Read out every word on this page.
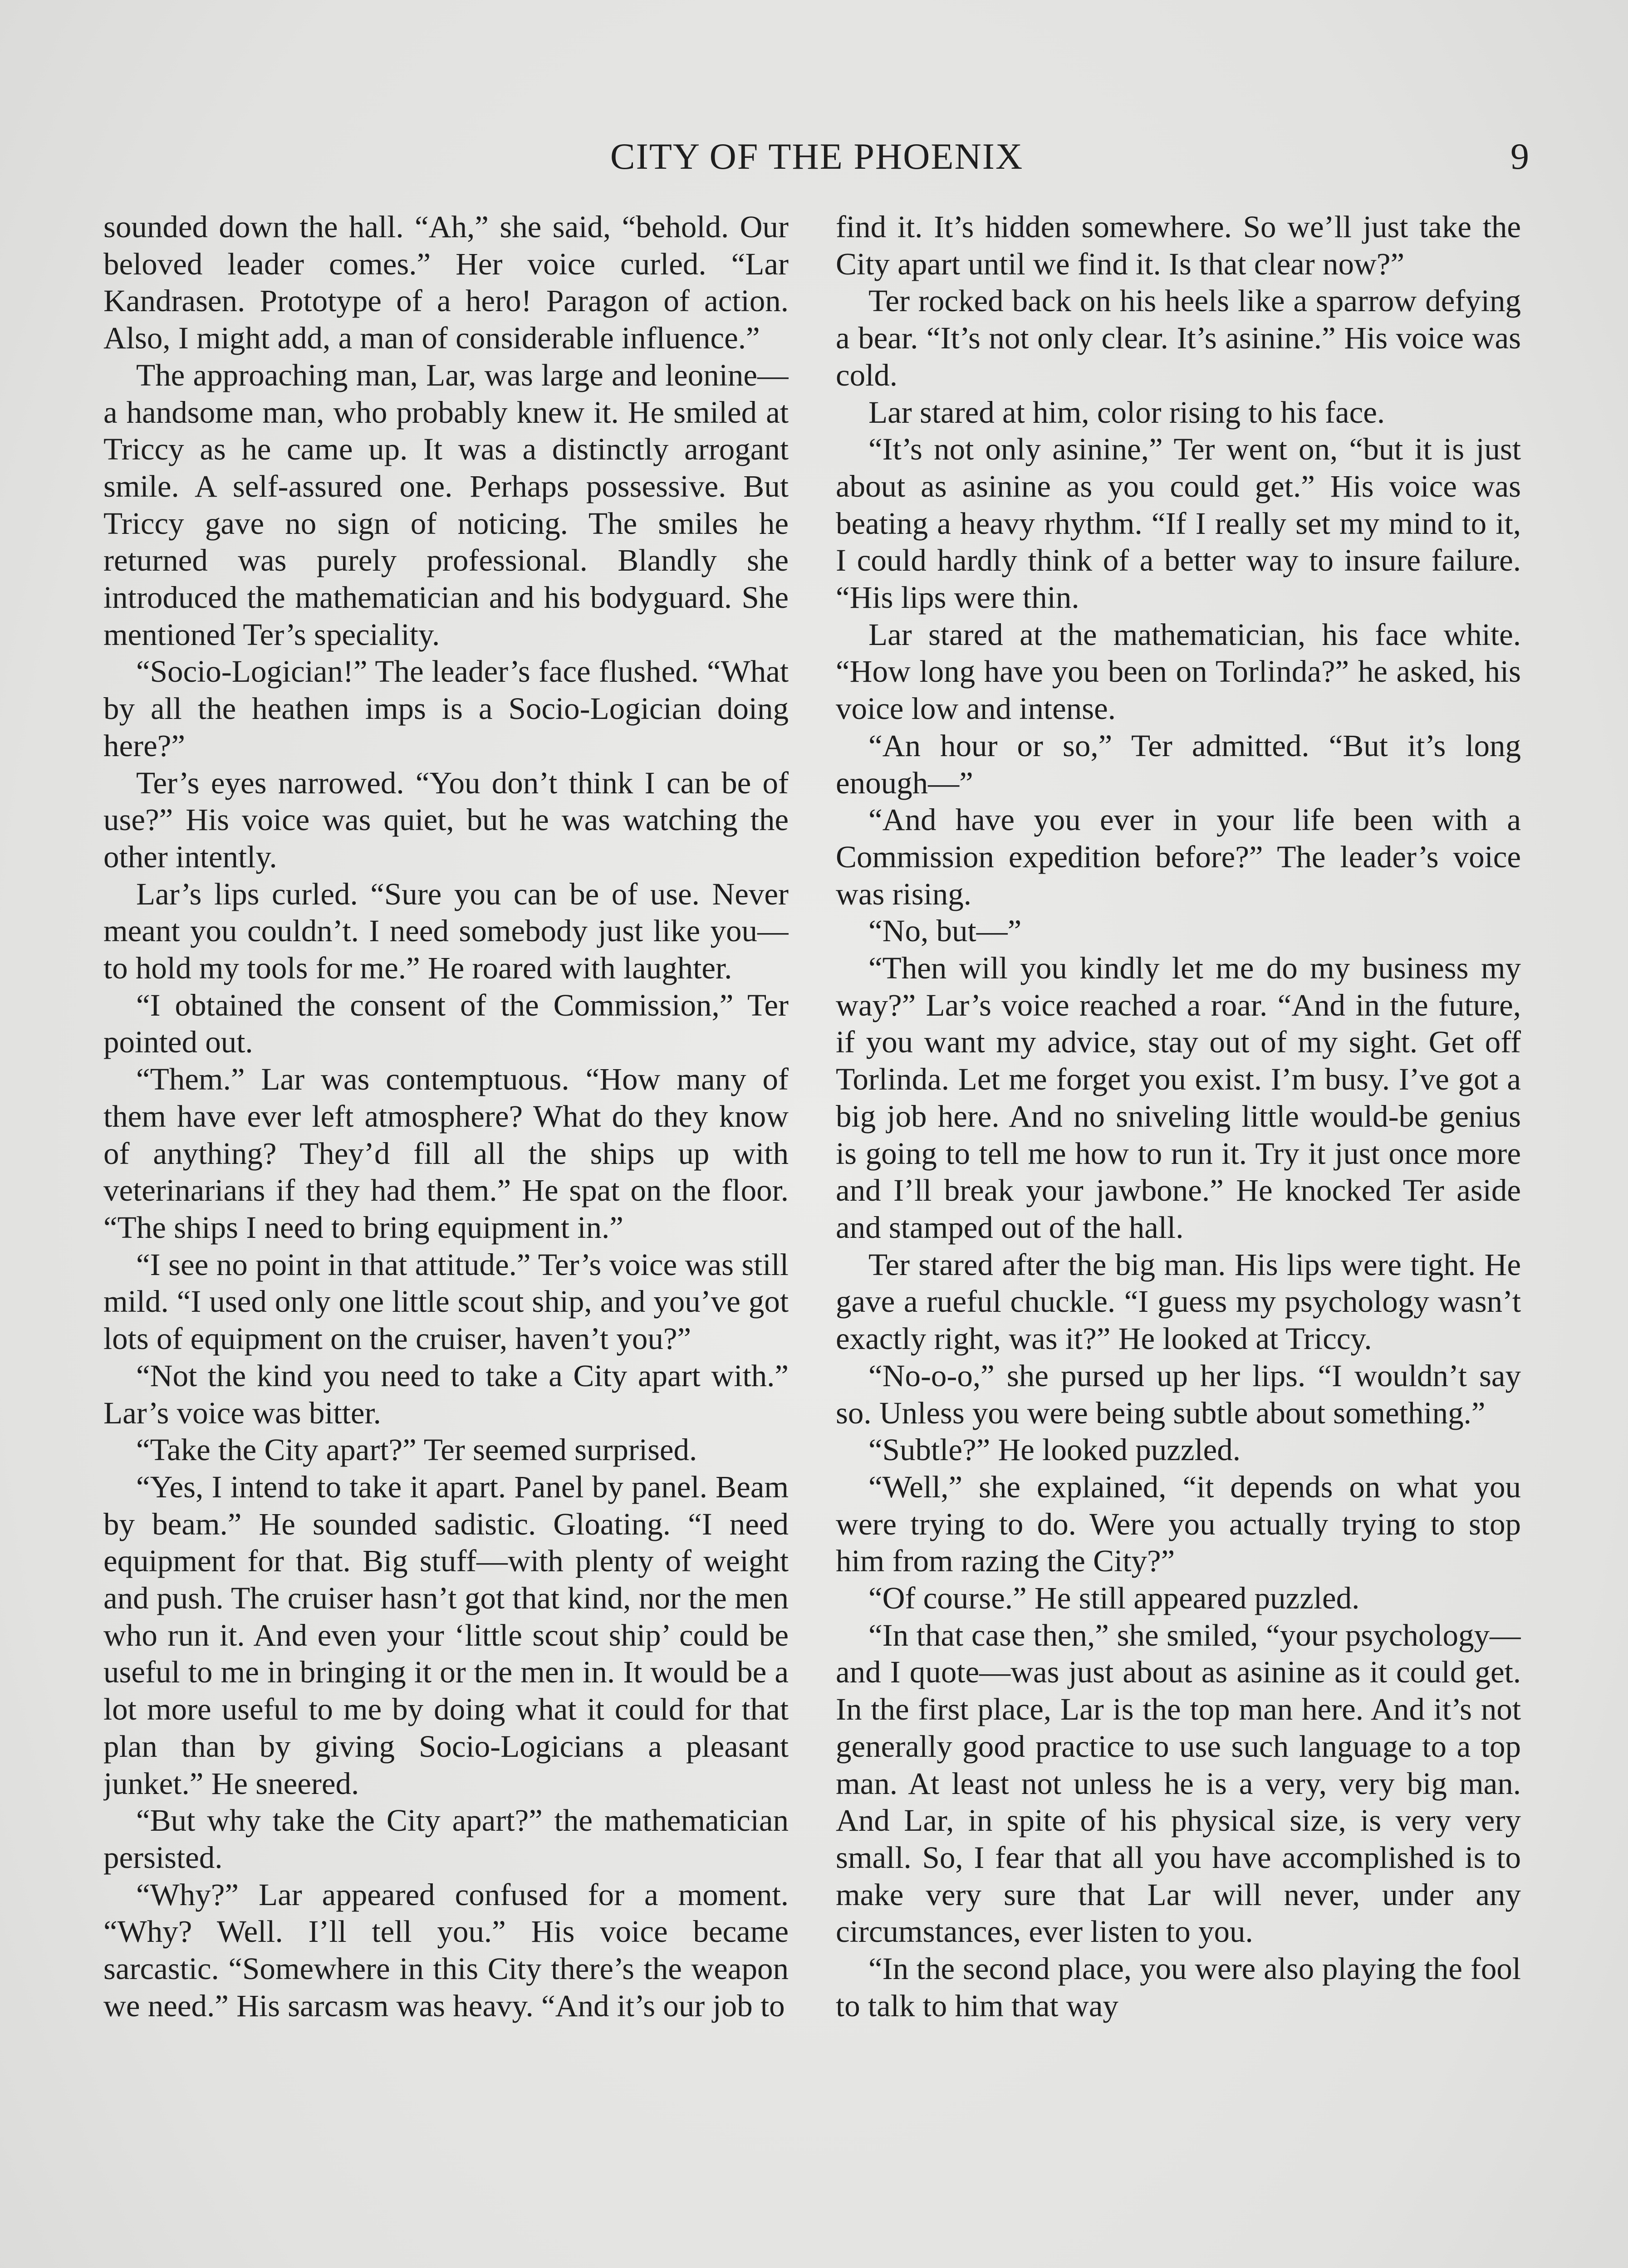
CITY OF THE PHOENIX	9

sounded down the hall. “Ah,” she said, “behold. Our beloved leader comes.” Her voice curled. “Lar Kandrasen. Prototype of a hero! Paragon of action. Also, I might add, a man of considerable influence.”

The approaching man, Lar, was large and leonine—a handsome man, who probably knew it. He smiled at Triccy as he came up. It was a distinctly arrogant smile. A self-assured one. Perhaps possessive. But Triccy gave no sign of noticing. The smiles he returned was purely professional. Blandly she introduced the mathematician and his bodyguard. She mentioned Ter’s speciality.

“Socio-Logician!” The leader’s face flushed. “What by all the heathen imps is a Socio-Logician doing here?”

Ter’s eyes narrowed. “You don’t think I can be of use?” His voice was quiet, but he was watching the other intently.

Lar’s lips curled. “Sure you can be of use. Never meant you couldn’t. I need somebody just like you—to hold my tools for me.” He roared with laughter.

“I obtained the consent of the Commission,” Ter pointed out.

“Them.” Lar was contemptuous. “How many of them have ever left atmosphere? What do they know of anything? They’d fill all the ships up with veterinarians if they had them.” He spat on the floor. “The ships I need to bring equipment in.”

“I see no point in that attitude.” Ter’s voice was still mild. “I used only one little scout ship, and you’ve got lots of equipment on the cruiser, haven’t you?”

“Not the kind you need to take a City apart with.” Lar’s voice was bitter.

“Take the City apart?” Ter seemed surprised.

“Yes, I intend to take it apart. Panel by panel. Beam by beam.” He sounded sadistic. Gloating. “I need equipment for that. Big stuff—with plenty of weight and push. The cruiser hasn’t got that kind, nor the men who run it. And even your ‘little scout ship’ could be useful to me in bringing it or the men in. It would be a lot more useful to me by doing what it could for that plan than by giving Socio-Logicians a pleasant junket.” He sneered.

“But why take the City apart?” the mathematician persisted.

“Why?” Lar appeared confused for a moment. “Why? Well. I’ll tell you.” His voice became sarcastic. “Somewhere in this City there’s the weapon we need.” His sarcasm was heavy. “And it’s our job to

find it. It’s hidden somewhere. So we’ll just take the City apart until we find it. Is that clear now?”

Ter rocked back on his heels like a sparrow defying a bear. “It’s not only clear. It’s asinine.” His voice was cold.

Lar stared at him, color rising to his face.

“It’s not only asinine,” Ter went on, “but it is just about as asinine as you could get.” His voice was beating a heavy rhythm. “If I really set my mind to it, I could hardly think of a better way to insure failure. “His lips were thin.

Lar stared at the mathematician, his face white. “How long have you been on Torlinda?” he asked, his voice low and intense.

“An hour or so,” Ter admitted. “But it’s long enough—”

“And have you ever in your life been with a Commission expedition before?” The leader’s voice was rising.

“No, but—”

“Then will you kindly let me do my business my way?” Lar’s voice reached a roar. “And in the future, if you want my advice, stay out of my sight. Get off Torlinda. Let me forget you exist. I’m busy. I’ve got a big job here. And no sniveling little would-be genius is going to tell me how to run it. Try it just once more and I’ll break your jawbone.” He knocked Ter aside and stamped out of the hall.

Ter stared after the big man. His lips were tight. He gave a rueful chuckle. “I guess my psychology wasn’t exactly right, was it?” He looked at Triccy.

“No-o-o,” she pursed up her lips. “I wouldn’t say so. Unless you were being subtle about something.”

“Subtle?” He looked puzzled.

“Well,” she explained, “it depends on what you were trying to do. Were you actually trying to stop him from razing the City?”

“Of course.” He still appeared puzzled.

“In that case then,” she smiled, “your psychology—and I quote—was just about as asinine as it could get. In the first place, Lar is the top man here. And it’s not generally good practice to use such language to a top man. At least not unless he is a very, very big man. And Lar, in spite of his physical size, is very very small. So, I fear that all you have accomplished is to make very sure that Lar will never, under any circumstances, ever listen to you.

“In the second place, you were also playing the fool to talk to him that way
